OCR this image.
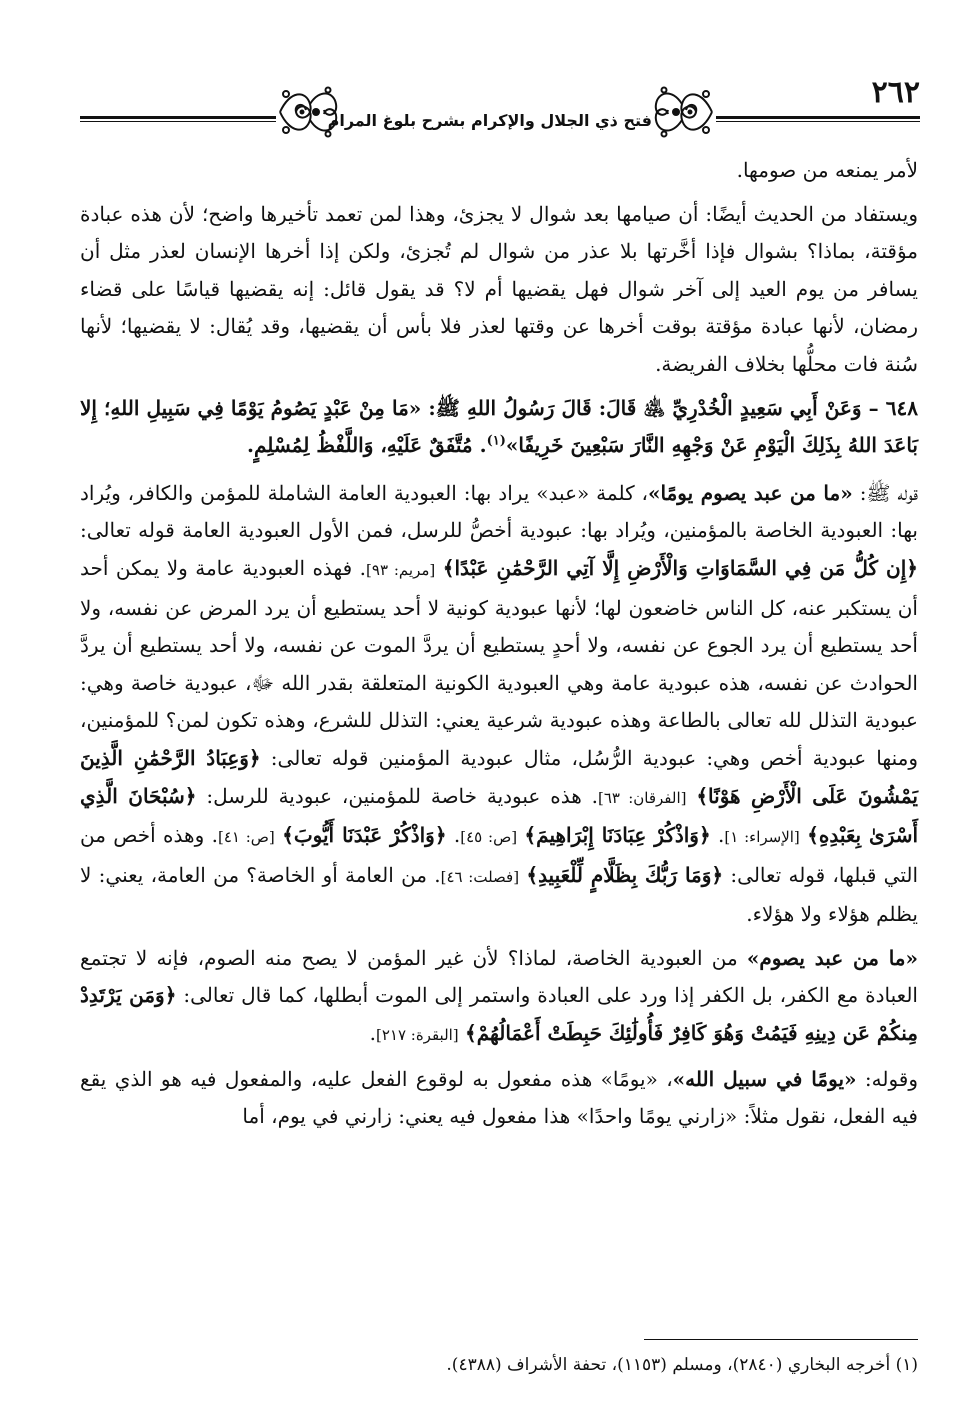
٢٦٢
فتح ذي الجلال والإكرام بشرح بلوغ المرام

لأمر يمنعه من صومها.

ويستفاد من الحديث أيضًا: أن صيامها بعد شوال لا يجزئ، وهذا لمن تعمد تأخيرها واضح؛ لأن هذه عبادة مؤقتة، بماذا؟ بشوال فإذا أخَّرتها بلا عذر من شوال لم تُجزئ، ولكن إذا أخرها الإنسان لعذر مثل أن يسافر من يوم العيد إلى آخر شوال فهل يقضيها أم لا؟ قد يقول قائل: إنه يقضيها قياسًا على قضاء رمضان، لأنها عبادة مؤقتة بوقت أخرها عن وقتها لعذر فلا بأس أن يقضيها، وقد يُقال: لا يقضيها؛ لأنها سُنة فات محلُّها بخلاف الفريضة.

٦٤٨ – وَعَنْ أَبِي سَعِيدٍ الْخُدْرِيِّ ﵁ قَالَ: قَالَ رَسُولُ اللهِ ﷺ: «مَا مِنْ عَبْدٍ يَصُومُ يَوْمًا فِي سَبِيلِ اللهِ؛ إِلا بَاعَدَ اللهُ بِذَلِكَ الْيَوْمِ عَنْ وَجْهِهِ النَّارَ سَبْعِينَ خَرِيفًا»$^{(١)}$. مُتَّفَقٌ عَلَيْهِ، وَاللَّفْظُ لِمُسْلِمٍ.

قوله ﷺ: «ما من عبد يصوم يومًا»، كلمة «عبد» يراد بها: العبودية العامة الشاملة للمؤمن والكافر، ويُراد بها: العبودية الخاصة بالمؤمنين، ويُراد بها: عبودية أخصُّ للرسل، فمن الأول العبودية العامة قوله تعالى: ﴿إِن كُلُّ مَن فِي السَّمَاوَاتِ وَالْأَرْضِ إِلَّا آتِي الرَّحْمَٰنِ عَبْدًا﴾ [مريم: ٩٣]. فهذه العبودية عامة ولا يمكن أحد أن يستكبر عنه، كل الناس خاضعون لها؛ لأنها عبودية كونية لا أحد يستطيع أن يرد المرض عن نفسه، ولا أحد يستطيع أن يرد الجوع عن نفسه، ولا أحدٍ يستطيع أن يردَّ الموت عن نفسه، ولا أحد يستطيع أن يردَّ الحوادث عن نفسه، هذه عبودية عامة وهي العبودية الكونية المتعلقة بقدر الله ﷻ، عبودية خاصة وهي: عبودية التذلل لله تعالى بالطاعة وهذه عبودية شرعية يعني: التذلل للشرع، وهذه تكون لمن؟ للمؤمنين، ومنها عبودية أخص وهي: عبودية الرُّسُل، مثال عبودية المؤمنين قوله تعالى: ﴿وَعِبَادُ الرَّحْمَٰنِ الَّذِينَ يَمْشُونَ عَلَى الْأَرْضِ هَوْنًا﴾ [الفرقان: ٦٣]. هذه عبودية خاصة للمؤمنين، عبودية للرسل: ﴿سُبْحَانَ الَّذِي أَسْرَىٰ بِعَبْدِهِ﴾ [الإسراء: ١]. ﴿وَاذْكُرْ عِبَادَنَا إِبْرَاهِيمَ﴾ [ص: ٤٥]. ﴿وَاذْكُرْ عَبْدَنَا أَيُّوبَ﴾ [ص: ٤١]. وهذه أخص من التي قبلها، قوله تعالى: ﴿وَمَا رَبُّكَ بِظَلَّامٍ لِّلْعَبِيدِ﴾ [فصلت: ٤٦]. من العامة أو الخاصة؟ من العامة، يعني: لا يظلم هؤلاء ولا هؤلاء.

«ما من عبد يصوم» من العبودية الخاصة، لماذا؟ لأن غير المؤمن لا يصح منه الصوم، فإنه لا تجتمع العبادة مع الكفر، بل الكفر إذا ورد على العبادة واستمر إلى الموت أبطلها، كما قال تعالى: ﴿وَمَن يَرْتَدِدْ مِنكُمْ عَن دِينِهِ فَيَمُتْ وَهُوَ كَافِرٌ فَأُولَٰئِكَ حَبِطَتْ أَعْمَالُهُمْ﴾ [البقرة: ٢١٧].

وقوله: «يومًا في سبيل الله»، «يومًا» هذه مفعول به لوقوع الفعل عليه، والمفعول فيه هو الذي يقع فيه الفعل، نقول مثلاً: «زارني يومًا واحدًا» هذا مفعول فيه يعني: زارني في يوم، أما

(١) أخرجه البخاري (٢٨٤٠)، ومسلم (١١٥٣)، تحفة الأشراف (٤٣٨٨).
